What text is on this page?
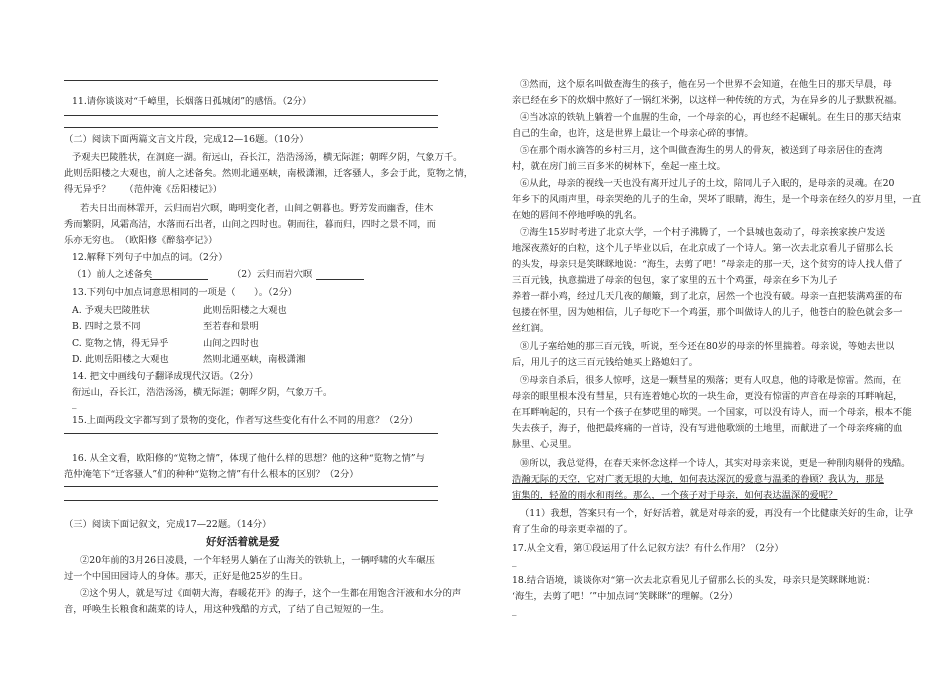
11.请你谈谈对“千嶂里，长烟落日孤城闭”的感悟。（2分）
（二）阅读下面两篇文言文片段，完成12—16题。（10分）
予观夫巴陵胜状，在洞庭一湖。衔远山，吞长江，浩浩汤汤，横无际涯；朝晖夕阴，气象万千。
此则岳阳楼之大观也，前人之述备矣。然则北通巫峡，南极潇湘，迁客骚人，多会于此，览物之情，
得无异乎？　　（范仲淹《岳阳楼记》）
若夫日出而林霏开，云归而岩穴暝，晦明变化者，山间之朝暮也。野芳发而幽香，佳木
秀而繁阴，风霜高洁，水落而石出者，山间之四时也。朝而往，暮而归，四时之景不同，而
乐亦无穷也。　（欧阳修《醉翁亭记》）
12.解释下列句子中加点的词。（2分）
（1）前人之述备矣	（2）云归而岩穴暝
13.下列句中加点词意思相同的一项是（　　）。（2分）
A. 予观夫巴陵胜状	此则岳阳楼之大观也
B. 四时之景不同	至若春和景明
C. 览物之情，得无异乎	山间之四时也
D. 此则岳阳楼之大观也	然则北通巫峡，南极潇湘
14. 把文中画线句子翻译成现代汉语。（2分）
衔远山，吞长江，浩浩汤汤，横无际涯；朝晖夕阴，气象万千。
_
15.上面两段文字都写到了景物的变化，作者写这些变化有什么不同的用意？（2分）
16. 从全文看，欧阳修的“览物之情”，体现了他什么样的思想？他的这种“览物之情”与
范仲淹笔下“迁客骚人”们的种种“览物之情”有什么根本的区别？（2分）
（三）阅读下面记叙文，完成17—22题。（14分）
好好活着就是爱
②20年前的3月26日凌晨，一个年轻男人躺在了山海关的铁轨上，一辆呼啸的火车碾压
过一个中国田园诗人的身体。那天，正好是他25岁的生日。
②这个男人，就是写过《面朝大海，春暖花开》的海子，这个一生都在用饱含汗液和水分的声
音，呼唤生长粮食和蔬菜的诗人，用这种残酷的方式，了结了自己短短的一生。
③然而，这个原名叫做查海生的孩子，他在另一个世界不会知道，在他生日的那天早晨，母
亲已经在乡下的炊烟中熬好了一锅红米粥，以这样一种传统的方式，为在异乡的儿子默默祝福。
④当冰凉的铁轨上躺着一个血腥的生命，一个母亲的心，再也经不起碾轧。在生日的那天结束
自己的生命，也许，这是世界上最让一个母亲心碎的事情。
⑤在那个雨水滴答的乡村三月，这个叫做查海生的男人的骨灰，被送到了母亲居住的查湾
村，就在房门前三百多米的树林下，垒起一座土坟。
⑥从此，母亲的视线一天也没有离开过儿子的土坟，陪同儿子入眠的，是母亲的灵魂。在20
年乡下的风雨声里，母亲哭绝的儿子的生命，哭坏了眼睛，海生，是一个母亲在经久的岁月里，一直
在她的唇间不停地呼唤的乳名。
⑦海生15岁时考进了北京大学，一个村子沸腾了，一个县城也轰动了，母亲挨家挨户发送
地深夜蒸好的白粒，这个儿子毕业以后，在北京成了一个诗人。第一次去北京看儿子留那么长
的头发，母亲只是笑眯眯地说：“海生，去剪了吧！”母亲走的那一天，这个贫穷的诗人找人借了
三百元钱，执意揣进了母亲的包包，家了家里的五十个鸡蛋，母亲在乡下为儿子
养着一群小鸡，经过几天几夜的颠簸，到了北京，居然一个也没有破。母亲一直把装满鸡蛋的布
包搂在怀里，因为她相信，儿子每吃下一个鸡蛋，那个叫做诗人的儿子，他苍白的脸色就会多一
丝红润。
⑧儿子塞给她的那三百元钱，听说，至今还在80岁的母亲的怀里揣着。母亲说，等她去世以
后，用儿子的这三百元钱给她买上路媳妇了。
⑨母亲自杀后，很多人惊呼，这是一颗彗星的殒落；更有人叹息，他的诗歌是惊雷。然而，在
母亲的眼里根本没有彗星，只有连着她心坎的一块生命，更没有惊雷的声音在母亲的耳畔响起，
在耳畔响起的，只有一个孩子在梦呓里的啼哭。一个国家，可以没有诗人，而一个母亲，根本不能
失去孩子，海子，他把最疼痛的一首诗，没有写进他歌颂的土地里，而献进了一个母亲疼痛的血
脉里、心灵里。
⑩所以，我总觉得，在春天来怀念这样一个诗人，其实对母亲来说，更是一种削肉剔骨的残酷。
浩瀚无际的天空，它对广袤无垠的大地，如何表达深沉的爱意与温柔的眷顾？我认为，那是
宙集的，轻盈的雨水和雨丝。那么，一个孩子对于母亲，如何表达温深的爱呢？
（11）我想，答案只有一个，好好活着，就是对母亲的爱，再没有一个比健康关好的生命，让孕
育了生命的母亲更幸福的了。
17.从全文看，第①段运用了什么记叙方法？有什么作用？（2分）
_
18.结合语境，谈谈你对“第一次去北京看见儿子留那么长的头发，母亲只是笑眯眯地说：
‘海生，去剪了吧！’”中加点词“笑眯眯”的理解。（2分）
_
